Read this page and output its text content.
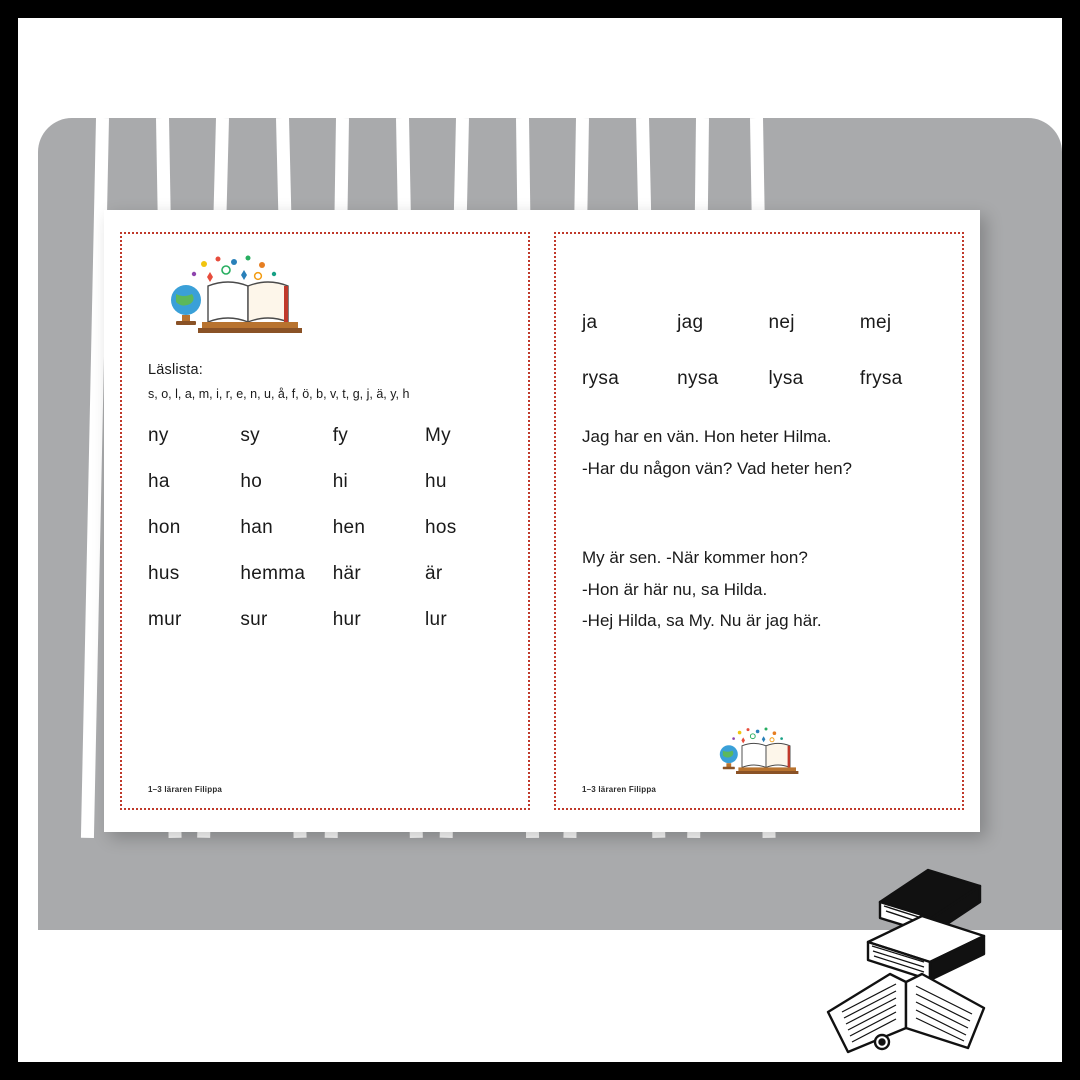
Läslista:
s, o, l, a, m, i, r, e, n, u, å, f, ö, b, v, t, g, j, ä, y, h
ny	sy	fy	My
ha	ho	hi	hu
hon	han	hen	hos
hus	hemma	här	är
mur	sur	hur	lur
1–3 läraren Filippa
ja	jag	nej	mej
rysa	nysa	lysa	frysa
Jag har en vän. Hon heter Hilma.
-Har du någon vän? Vad heter hen?
My är sen. -När kommer hon?
-Hon är här nu, sa Hilda.
-Hej Hilda, sa My. Nu är jag här.
1–3 läraren Filippa
